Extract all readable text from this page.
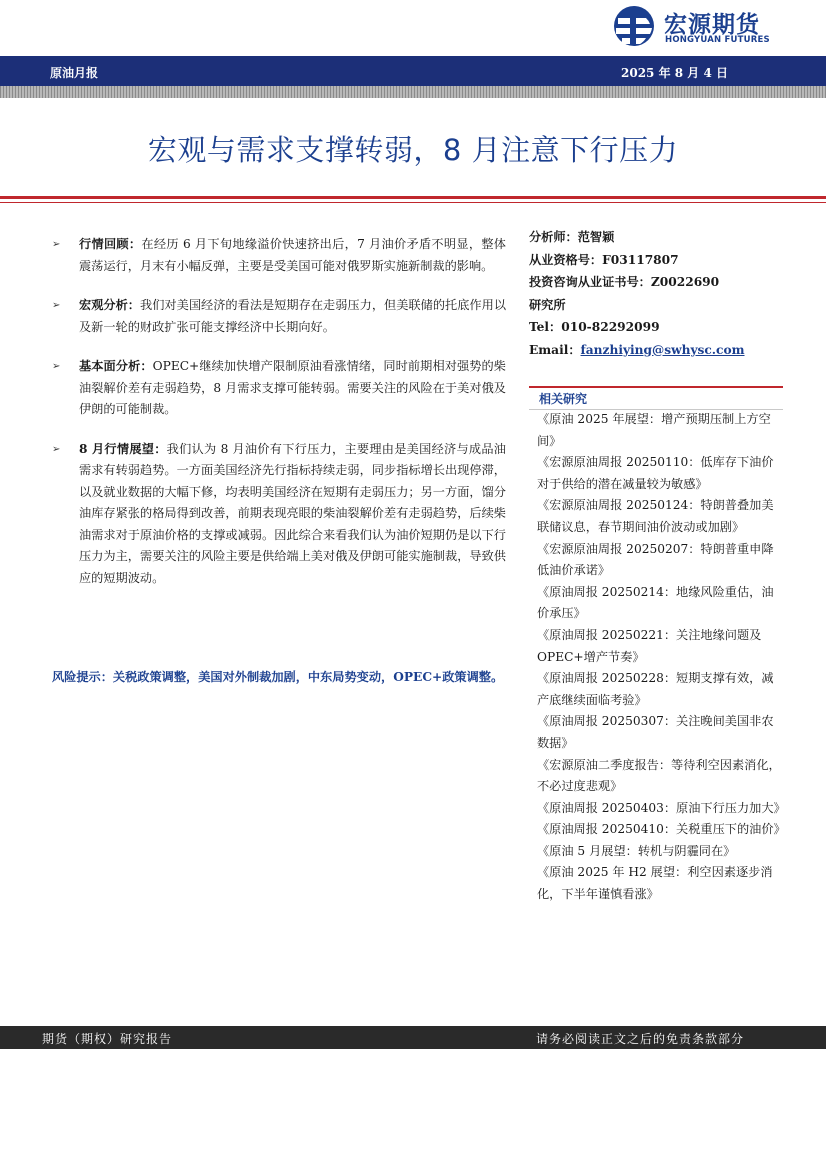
宏源期货
HONGYUAN FUTURES
原油月报	2025 年 8 月 4 日
宏观与需求支撑转弱，8 月注意下行压力
➢ 行情回顾：在经历 6 月下旬地缘溢价快速挤出后，7 月油价矛盾不明显，整体震荡运行，月末有小幅反弹，主要是受美国可能对俄罗斯实施新制裁的影响。
➢ 宏观分析：我们对美国经济的看法是短期存在走弱压力，但美联储的托底作用以及新一轮的财政扩张可能支撑经济中长期向好。
➢ 基本面分析：OPEC+继续加快增产限制原油看涨情绪，同时前期相对强势的柴油裂解价差有走弱趋势，8 月需求支撑可能转弱。需要关注的风险在于美对俄及伊朗的可能制裁。
➢ 8 月行情展望：我们认为 8 月油价有下行压力，主要理由是美国经济与成品油需求有转弱趋势。一方面美国经济先行指标持续走弱，同步指标增长出现停滞，以及就业数据的大幅下修，均表明美国经济在短期有走弱压力；另一方面，馏分油库存紧张的格局得到改善，前期表现亮眼的柴油裂解价差有走弱趋势，后续柴油需求对于原油价格的支撑或减弱。因此综合来看我们认为油价短期仍是以下行压力为主，需要关注的风险主要是供给端上美对俄及伊朗可能实施制裁，导致供应的短期波动。
风险提示：关税政策调整，美国对外制裁加剧，中东局势变动，OPEC+政策调整。
分析师：范智颖
从业资格号：F03117807
投资咨询从业证书号：Z0022690
研究所
Tel：010-82292099
Email：fanzhiying@swhysc.com
相关研究
《原油 2025 年展望：增产预期压制上方空间》
《宏源原油周报 20250110：低库存下油价对于供给的潜在减量较为敏感》
《宏源原油周报 20250124：特朗普叠加美联储议息，春节期间油价波动或加剧》
《宏源原油周报 20250207：特朗普重申降低油价承诺》
《原油周报 20250214：地缘风险重估，油价承压》
《原油周报 20250221：关注地缘问题及OPEC+增产节奏》
《原油周报 20250228：短期支撑有效，减产底继续面临考验》
《原油周报 20250307：关注晚间美国非农数据》
《宏源原油二季度报告：等待利空因素消化，不必过度悲观》
《原油周报 20250403：原油下行压力加大》
《原油周报 20250410：关税重压下的油价》
《原油 5 月展望：转机与阴霾同在》
《原油 2025 年 H2 展望：利空因素逐步消化，下半年谨慎看涨》
期货（期权）研究报告	请务必阅读正文之后的免责条款部分
